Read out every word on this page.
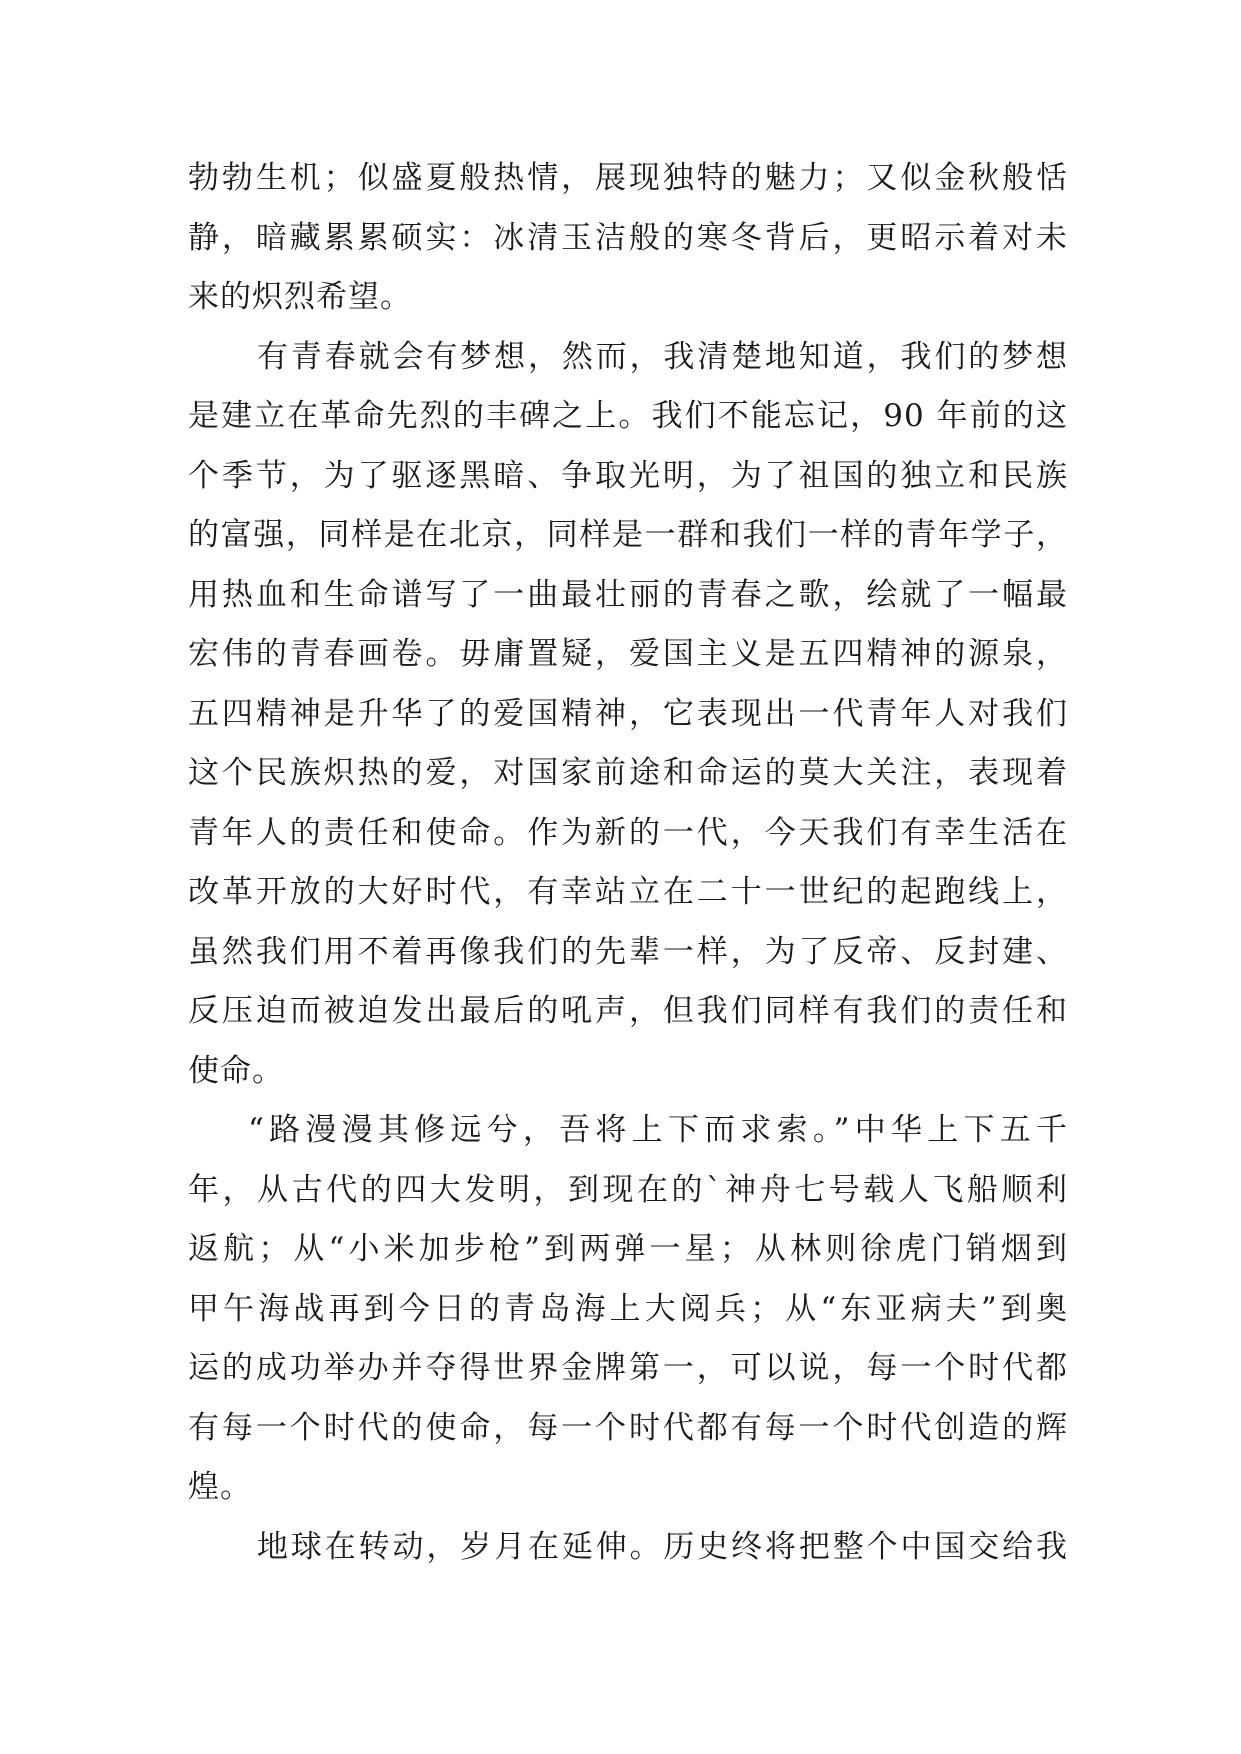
勃勃生机；似盛夏般热情，展现独特的魅力；又似金秋般恬
静，暗藏累累硕实：冰清玉洁般的寒冬背后，更昭示着对未
来的炽烈希望。
有青春就会有梦想，然而，我清楚地知道，我们的梦想
是建立在革命先烈的丰碑之上。我们不能忘记，90 年前的这
个季节，为了驱逐黑暗、争取光明，为了祖国的独立和民族
的富强，同样是在北京，同样是一群和我们一样的青年学子，
用热血和生命谱写了一曲最壮丽的青春之歌，绘就了一幅最
宏伟的青春画卷。毋庸置疑，爱国主义是五四精神的源泉，
五四精神是升华了的爱国精神，它表现出一代青年人对我们
这个民族炽热的爱，对国家前途和命运的莫大关注，表现着
青年人的责任和使命。作为新的一代，今天我们有幸生活在
改革开放的大好时代，有幸站立在二十一世纪的起跑线上，
虽然我们用不着再像我们的先辈一样，为了反帝、反封建、
反压迫而被迫发出最后的吼声，但我们同样有我们的责任和
使命。
“路漫漫其修远兮，吾将上下而求索。”中华上下五千
年，从古代的四大发明，到现在的`神舟七号载人飞船顺利
返航；从“小米加步枪”到两弹一星；从林则徐虎门销烟到
甲午海战再到今日的青岛海上大阅兵；从“东亚病夫”到奥
运的成功举办并夺得世界金牌第一，可以说，每一个时代都
有每一个时代的使命，每一个时代都有每一个时代创造的辉
煌。
地球在转动，岁月在延伸。历史终将把整个中国交给我
